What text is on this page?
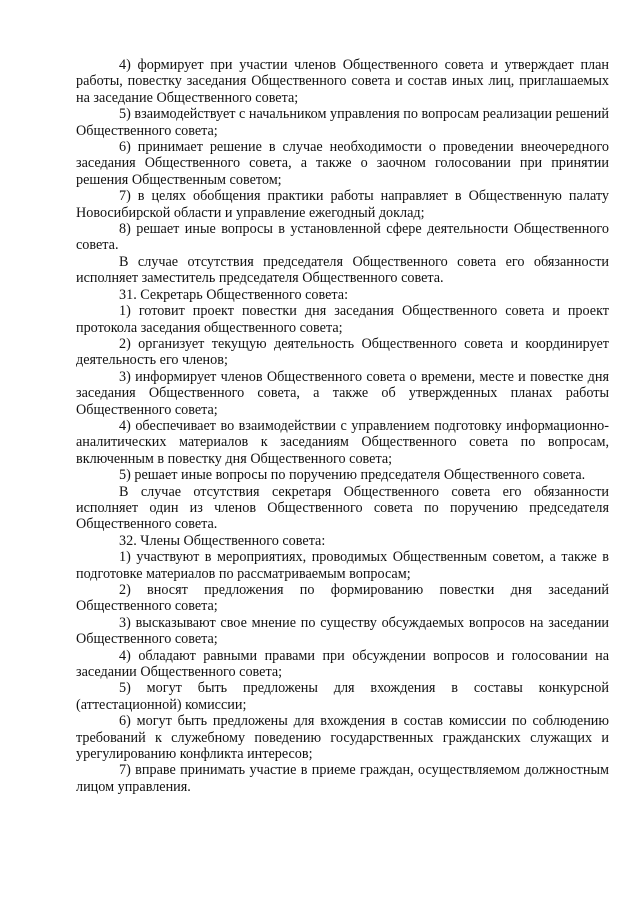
4) формирует при участии членов Общественного совета и утверждает план работы, повестку заседания Общественного совета и состав иных лиц, приглашаемых на заседание Общественного совета;

5) взаимодействует с начальником управления по вопросам реализации решений Общественного совета;

6) принимает решение в случае необходимости о проведении внеочередного заседания Общественного совета, а также о заочном голосовании при принятии решения Общественным советом;

7) в целях обобщения практики работы направляет в Общественную палату Новосибирской области и управление ежегодный доклад;

8) решает иные вопросы в установленной сфере деятельности Общественного совета.

В случае отсутствия председателя Общественного совета его обязанности исполняет заместитель председателя Общественного совета.

31. Секретарь Общественного совета:

1) готовит проект повестки дня заседания Общественного совета и проект протокола заседания общественного совета;

2) организует текущую деятельность Общественного совета и координирует деятельность его членов;

3) информирует членов Общественного совета о времени, месте и повестке дня заседания Общественного совета, а также об утвержденных планах работы Общественного совета;

4) обеспечивает во взаимодействии с управлением подготовку информационно-аналитических материалов к заседаниям Общественного совета по вопросам, включенным в повестку дня Общественного совета;

5) решает иные вопросы по поручению председателя Общественного совета.

В случае отсутствия секретаря Общественного совета его обязанности исполняет один из членов Общественного совета по поручению председателя Общественного совета.

32. Члены Общественного совета:

1) участвуют в мероприятиях, проводимых Общественным советом, а также в подготовке материалов по рассматриваемым вопросам;

2) вносят предложения по формированию повестки дня заседаний Общественного совета;

3) высказывают свое мнение по существу обсуждаемых вопросов на заседании Общественного совета;

4) обладают равными правами при обсуждении вопросов и голосовании на заседании Общественного совета;

5) могут быть предложены для вхождения в составы конкурсной (аттестационной) комиссии;

6) могут быть предложены для вхождения в состав комиссии по соблюдению требований к служебному поведению государственных гражданских служащих и урегулированию конфликта интересов;

7) вправе принимать участие в приеме граждан, осуществляемом должностным лицом управления.
